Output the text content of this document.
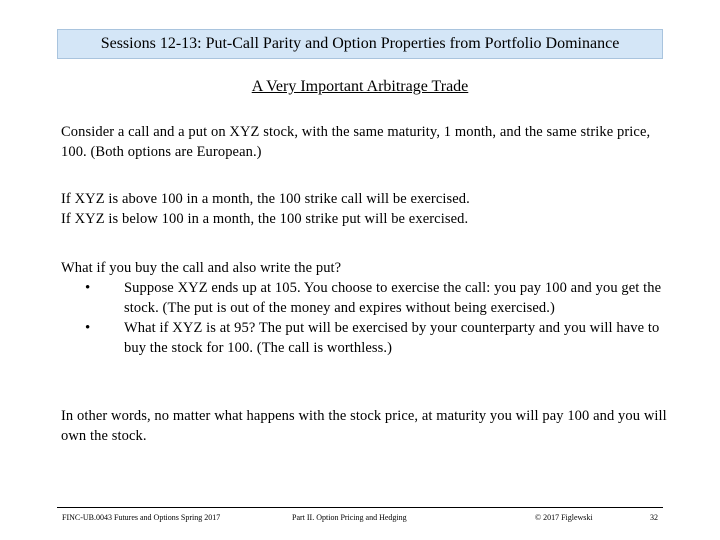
Sessions 12-13: Put-Call Parity and Option Properties from Portfolio Dominance
A Very Important Arbitrage Trade
Consider a call and a put on XYZ stock, with the same maturity, 1 month, and the same strike price, 100. (Both options are European.)
If XYZ is above 100 in a month, the 100 strike call will be exercised.
If XYZ is below 100 in a month, the 100 strike put will be exercised.
What if you buy the call and also write the put?
• Suppose XYZ ends up at 105. You choose to exercise the call: you pay 100 and you get the stock. (The put is out of the money and expires without being exercised.)
• What if XYZ is at 95? The put will be exercised by your counterparty and you will have to buy the stock for 100. (The call is worthless.)
In other words, no matter what happens with the stock price, at maturity you will pay 100 and you will own the stock.
FINC-UB.0043 Futures and Options Spring 2017	Part II. Option Pricing and Hedging	© 2017 Figlewski	32
